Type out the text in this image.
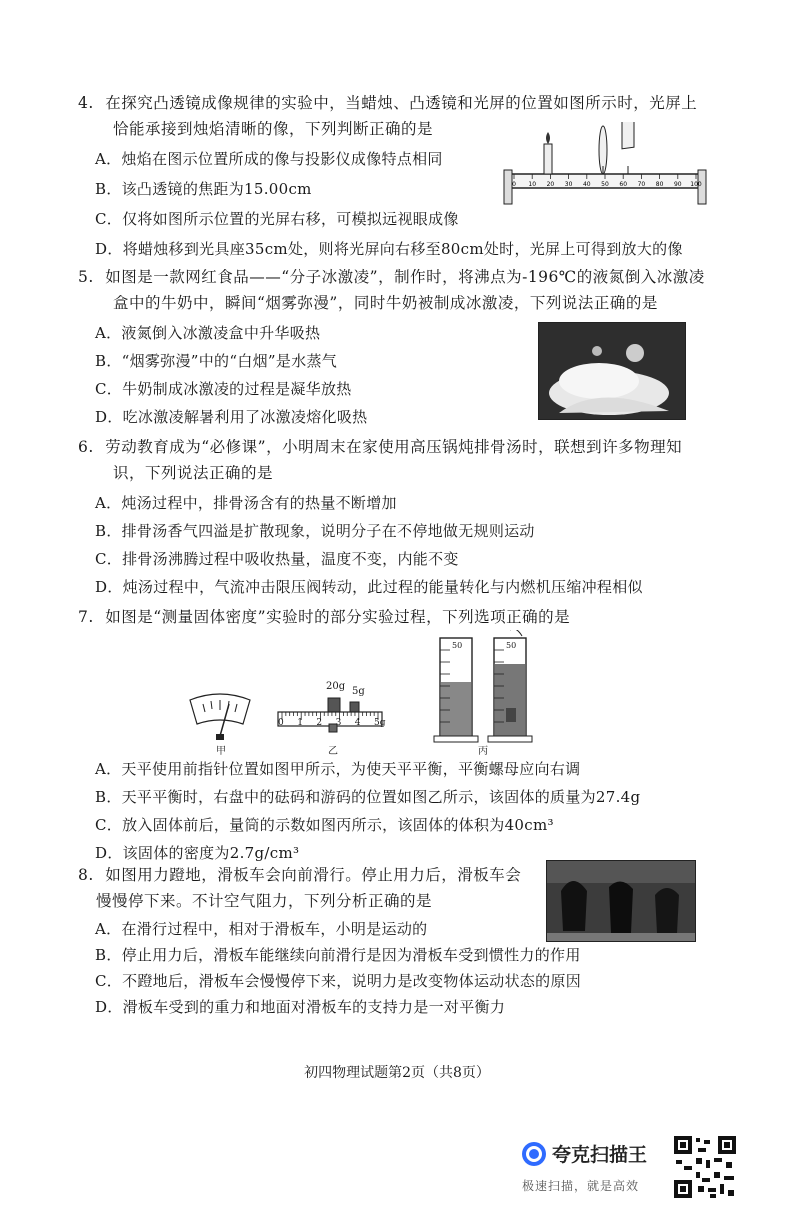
4. 在探究凸透镜成像规律的实验中，当蜡烛、凸透镜和光屏的位置如图所示时，光屏上
恰能承接到烛焰清晰的像，下列判断正确的是
A．烛焰在图示位置所成的像与投影仪成像特点相同
B．该凸透镜的焦距为15.00cm
C．仅将如图所示位置的光屏右移，可模拟远视眼成像
D．将蜡烛移到光具座35cm处，则将光屏向右移至80cm处时，光屏上可得到放大的像
0 10 20 30 40 50 60 70 80 90 100
5. 如图是一款网红食品——“分子冰激凌”，制作时，将沸点为-196℃的液氮倒入冰激凌
盒中的牛奶中，瞬间“烟雾弥漫”，同时牛奶被制成冰激凌，下列说法正确的是
A．液氮倒入冰激凌盒中升华吸热
B．“烟雾弥漫”中的“白烟”是水蒸气
C．牛奶制成冰激凌的过程是凝华放热
D．吃冰激凌解暑利用了冰激凌熔化吸热
6. 劳动教育成为“必修课”，小明周末在家使用高压锅炖排骨汤时，联想到许多物理知
识，下列说法正确的是
A．炖汤过程中，排骨汤含有的热量不断增加
B．排骨汤香气四溢是扩散现象，说明分子在不停地做无规则运动
C．排骨汤沸腾过程中吸收热量，温度不变，内能不变
D．炖汤过程中，气流冲击限压阀转动，此过程的能量转化与内燃机压缩冲程相似
7. 如图是“测量固体密度”实验时的部分实验过程，下列选项正确的是
甲
20g 5g
0 1 2 3 4 5g
乙
50	50
丙
A．天平使用前指针位置如图甲所示，为使天平平衡，平衡螺母应向右调
B．天平平衡时，右盘中的砝码和游码的位置如图乙所示，该固体的质量为27.4g
C．放入固体前后，量筒的示数如图丙所示，该固体的体积为40cm³
D．该固体的密度为2.7g/cm³
8. 如图用力蹬地，滑板车会向前滑行。停止用力后，滑板车会
慢慢停下来。不计空气阻力，下列分析正确的是
A．在滑行过程中，相对于滑板车，小明是运动的
B．停止用力后，滑板车能继续向前滑行是因为滑板车受到惯性力的作用
C．不蹬地后，滑板车会慢慢停下来，说明力是改变物体运动状态的原因
D．滑板车受到的重力和地面对滑板车的支持力是一对平衡力
初四物理试题第2页（共8页）
夸克扫描王
极速扫描，就是高效
